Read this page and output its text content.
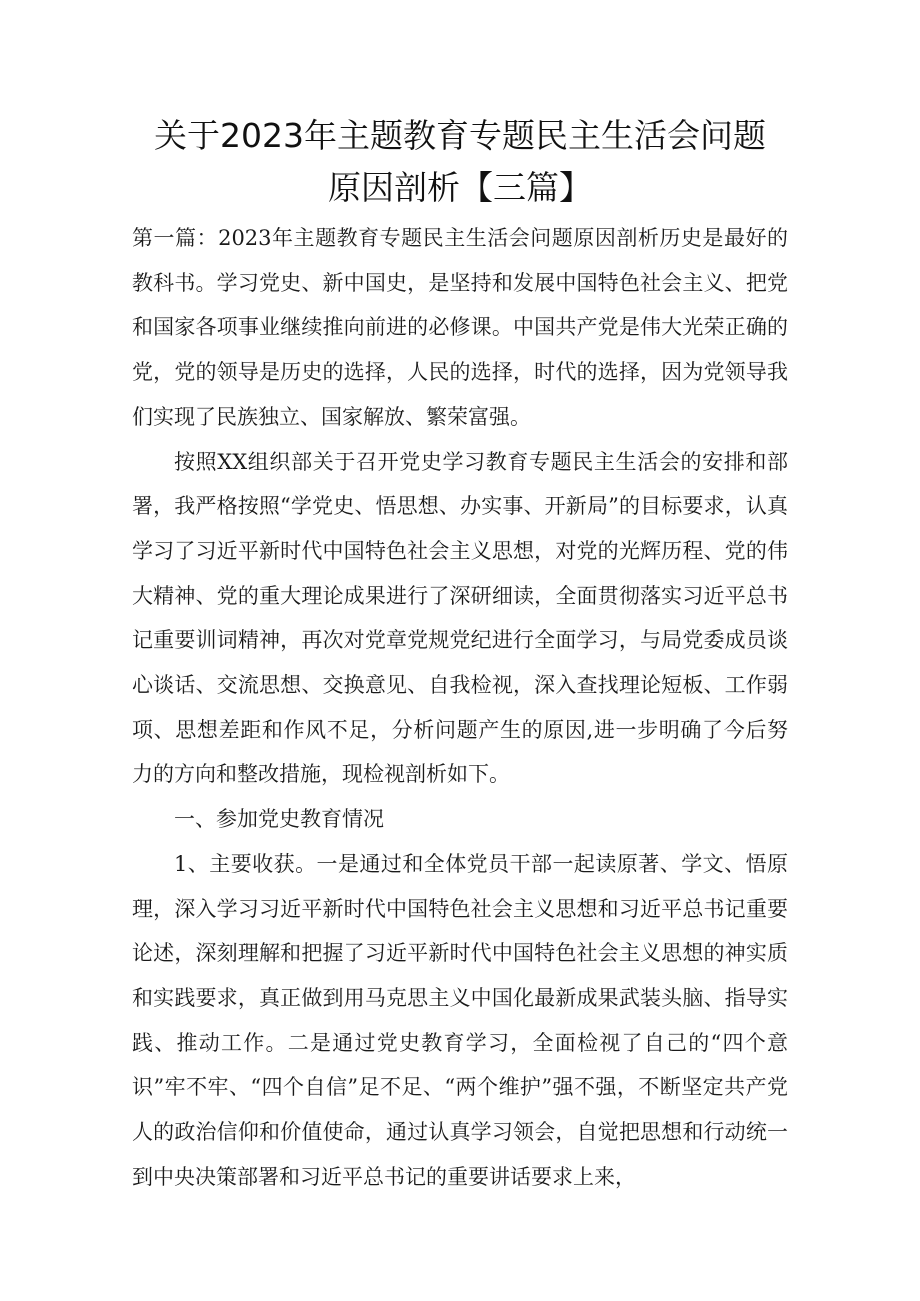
关于2023年主题教育专题民主生活会问题
原因剖析【三篇】

第一篇：2023年主题教育专题民主生活会问题原因剖析历史是最好的教科书。学习党史、新中国史，是坚持和发展中国特色社会主义、把党和国家各项事业继续推向前进的必修课。中国共产党是伟大光荣正确的党，党的领导是历史的选择，人民的选择，时代的选择，因为党领导我们实现了民族独立、国家解放、繁荣富强。

按照XX组织部关于召开党史学习教育专题民主生活会的安排和部署，我严格按照“学党史、悟思想、办实事、开新局”的目标要求，认真学习了习近平新时代中国特色社会主义思想，对党的光辉历程、党的伟大精神、党的重大理论成果进行了深研细读，全面贯彻落实习近平总书记重要训词精神，再次对党章党规党纪进行全面学习，与局党委成员谈心谈话、交流思想、交换意见、自我检视，深入查找理论短板、工作弱项、思想差距和作风不足，分析问题产生的原因,进一步明确了今后努力的方向和整改措施，现检视剖析如下。

一、参加党史教育情况

1、主要收获。一是通过和全体党员干部一起读原著、学文、悟原理，深入学习习近平新时代中国特色社会主义思想和习近平总书记重要论述，深刻理解和把握了习近平新时代中国特色社会主义思想的神实质和实践要求，真正做到用马克思主义中国化最新成果武装头脑、指导实践、推动工作。二是通过党史教育学习，全面检视了自己的“四个意识”牢不牢、“四个自信”足不足、“两个维护”强不强，不断坚定共产党人的政治信仰和价值使命，通过认真学习领会，自觉把思想和行动统一到中央决策部署和习近平总书记的重要讲话要求上来，
